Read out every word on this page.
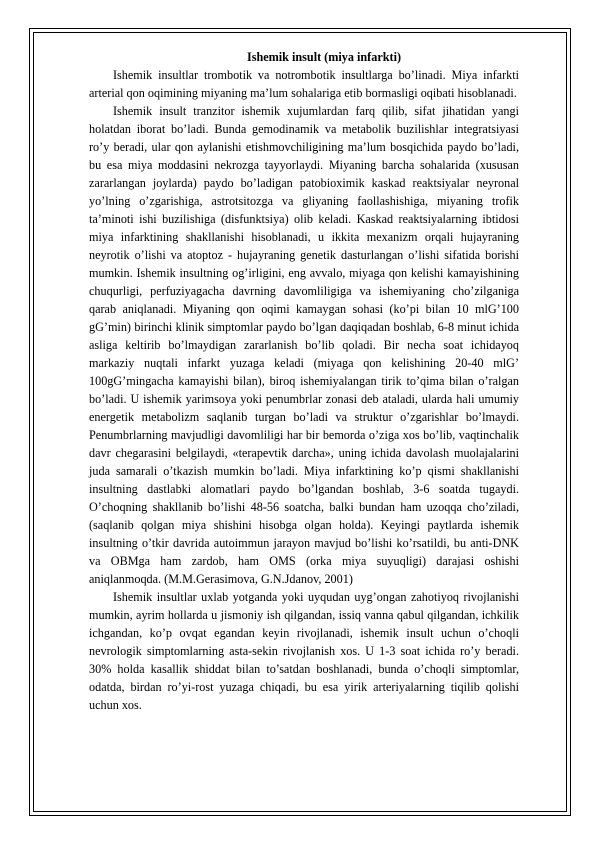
Ishemik insult (miya infarkti)

Ishemik insultlar trombotik va notrombotik insultlarga bo’linadi. Miya infarkti arterial qon oqimining miyaning ma’lum sohalariga etib bormasligi oqibati hisoblanadi.

Ishemik insult tranzitor ishemik xujumlardan farq qilib, sifat jihatidan yangi holatdan iborat bo’ladi. Bunda gemodinamik va metabolik buzilishlar integratsiyasi ro’y beradi, ular qon aylanishi etishmovchiligining ma’lum bosqichida paydo bo’ladi, bu esa miya moddasini nekrozga tayyorlaydi. Miyaning barcha sohalarida (xususan zararlangan joylarda) paydo bo’ladigan patobioximik kaskad reaktsiyalar neyronal yo’lning o’zgarishiga, astrotsitozga va gliyaning faollashishiga, miyaning trofik ta’minoti ishi buzilishiga (disfunktsiya) olib keladi. Kaskad reaktsiyalarning ibtidosi miya infarktining shakllanishi hisoblanadi, u ikkita mexanizm orqali hujayraning neyrotik o’lishi va atoptoz - hujayraning genetik dasturlangan o’lishi sifatida borishi mumkin. Ishemik insultning og’irligini, eng avvalo, miyaga qon kelishi kamayishining chuqurligi, perfuziyagacha davrning davomliligiga va ishemiyaning cho’zilganiga qarab aniqlanadi. Miyaning qon oqimi kamaygan sohasi (ko’pi bilan 10 mlG’100 gG’min) birinchi klinik simptomlar paydo bo’lgan daqiqadan boshlab, 6-8 minut ichida asliga keltirib bo’lmaydigan zararlanish bo’lib qoladi. Bir necha soat ichidayoq markaziy nuqtali infarkt yuzaga keladi (miyaga qon kelishining 20-40 mlG’ 100gG’mingacha kamayishi bilan), biroq ishemiyalangan tirik to’qima bilan o’ralgan bo’ladi. U ishemik yarimsoya yoki penumbrlar zonasi deb ataladi, ularda hali umumiy energetik metabolizm saqlanib turgan bo’ladi va struktur o’zgarishlar bo’lmaydi. Penumbrlarning mavjudligi davomliligi har bir bemorda o’ziga xos bo’lib, vaqtinchalik davr chegarasini belgilaydi, «terapevtik darcha», uning ichida davolash muolajalarini juda samarali o’tkazish mumkin bo’ladi. Miya infarktining ko’p qismi shakllanishi insultning dastlabki alomatlari paydo bo’lgandan boshlab, 3-6 soatda tugaydi. O’choqning shakllanib bo’lishi 48-56 soatcha, balki bundan ham uzoqqa cho’ziladi, (saqlanib qolgan miya shishini hisobga olgan holda). Keyingi paytlarda ishemik insultning o’tkir davrida autoimmun jarayon mavjud bo’lishi ko’rsatildi, bu anti-DNK va OBMga ham zardob, ham OMS (orka miya suyuqligi) darajasi oshishi aniqlanmoqda. (M.M.Gerasimova, G.N.Jdanov, 2001)

Ishemik insultlar uxlab yotganda yoki uyqudan uyg’ongan zahotiyoq rivojlanishi mumkin, ayrim hollarda u jismoniy ish qilgandan, issiq vanna qabul qilgandan, ichkilik ichgandan, ko’p ovqat egandan keyin rivojlanadi, ishemik insult uchun o’choqli nevrologik simptomlarning asta-sekin rivojlanish xos. U 1-3 soat ichida ro’y beradi. 30% holda kasallik shiddat bilan to’satdan boshlanadi, bunda o’choqli simptomlar, odatda, birdan ro’yi-rost yuzaga chiqadi, bu esa yirik arteriyalarning tiqilib qolishi uchun xos.
